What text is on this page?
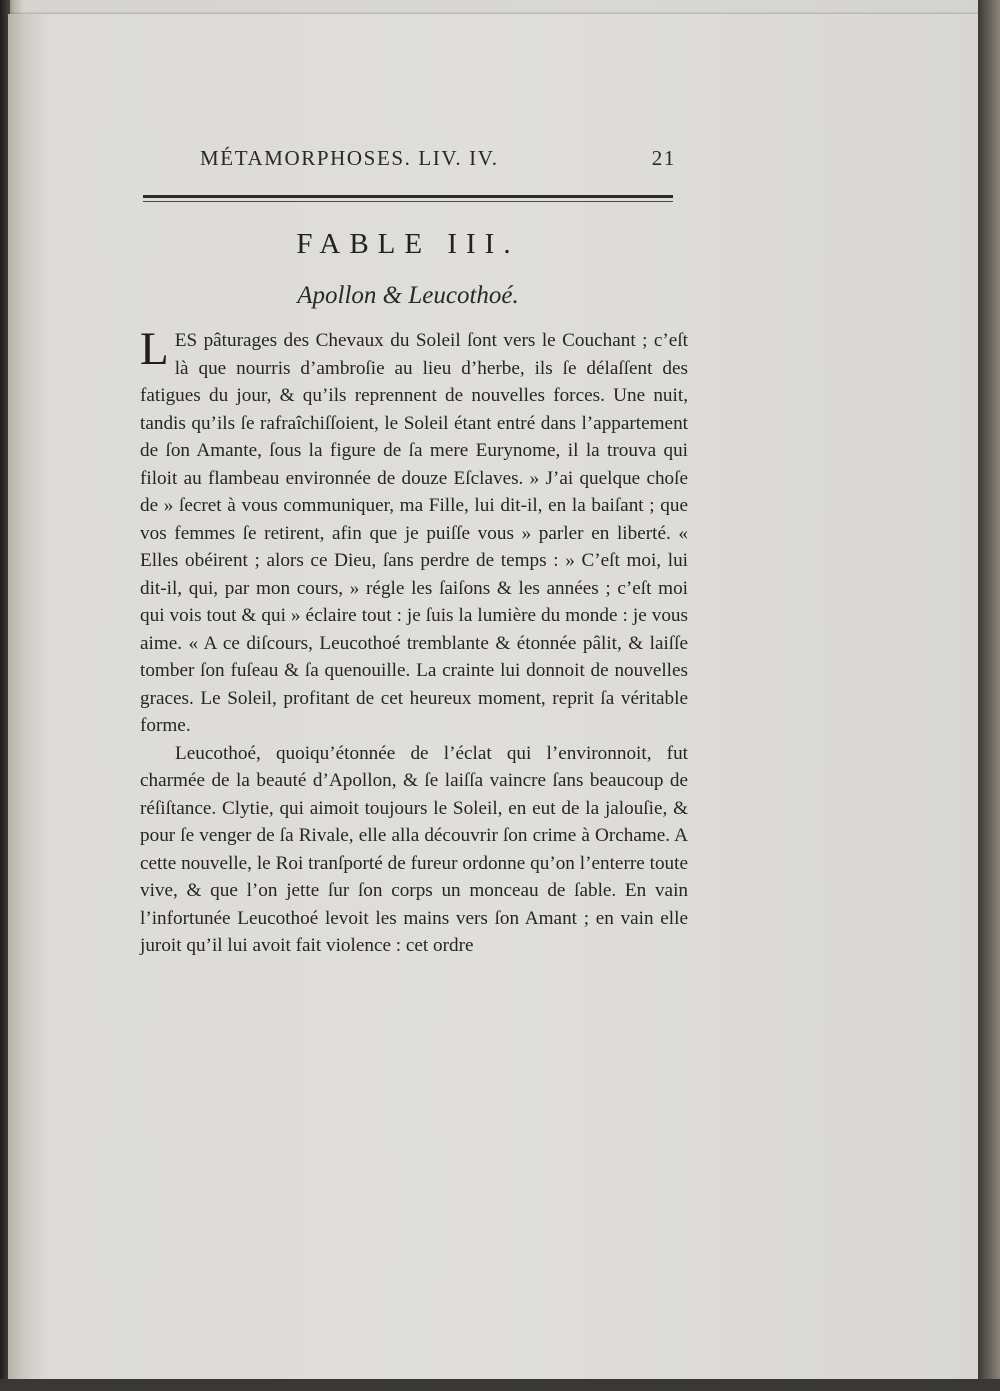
MÉTAMORPHOSES. LIV. IV.	21
FABLE III.
Apollon & Leucothoé.

LES pâturages des Chevaux du Soleil ſont vers le Couchant ; c’eſt là que nourris d’ambroſie au lieu d’herbe, ils ſe délaſſent des fatigues du jour, & qu’ils reprennent de nouvelles forces. Une nuit, tandis qu’ils ſe rafraîchiſſoient, le Soleil étant entré dans l’appartement de ſon Amante, ſous la figure de ſa mere Eurynome, il la trouva qui filoit au flambeau environnée de douze Eſclaves. » J’ai quelque choſe de » ſecret à vous communiquer, ma Fille, lui dit-il, en la baiſant ; que vos femmes ſe retirent, afin que je puiſſe vous » parler en liberté. « Elles obéirent ; alors ce Dieu, ſans perdre de temps : » C’eſt moi, lui dit-il, qui, par mon cours, » régle les ſaiſons & les années ; c’eſt moi qui vois tout & qui » éclaire tout : je ſuis la lumière du monde : je vous aime. « A ce diſcours, Leucothoé tremblante & étonnée pâlit, & laiſſe tomber ſon fuſeau & ſa quenouille. La crainte lui donnoit de nouvelles graces. Le Soleil, profitant de cet heureux moment, reprit ſa véritable forme.

Leucothoé, quoiqu’étonnée de l’éclat qui l’environnoit, fut charmée de la beauté d’Apollon, & ſe laiſſa vaincre ſans beaucoup de réſiſtance. Clytie, qui aimoit toujours le Soleil, en eut de la jalouſie, & pour ſe venger de ſa Rivale, elle alla découvrir ſon crime à Orchame. A cette nouvelle, le Roi tranſporté de fureur ordonne qu’on l’enterre toute vive, & que l’on jette ſur ſon corps un monceau de ſable. En vain l’infortunée Leucothoé levoit les mains vers ſon Amant ; en vain elle juroit qu’il lui avoit fait violence : cet ordre
